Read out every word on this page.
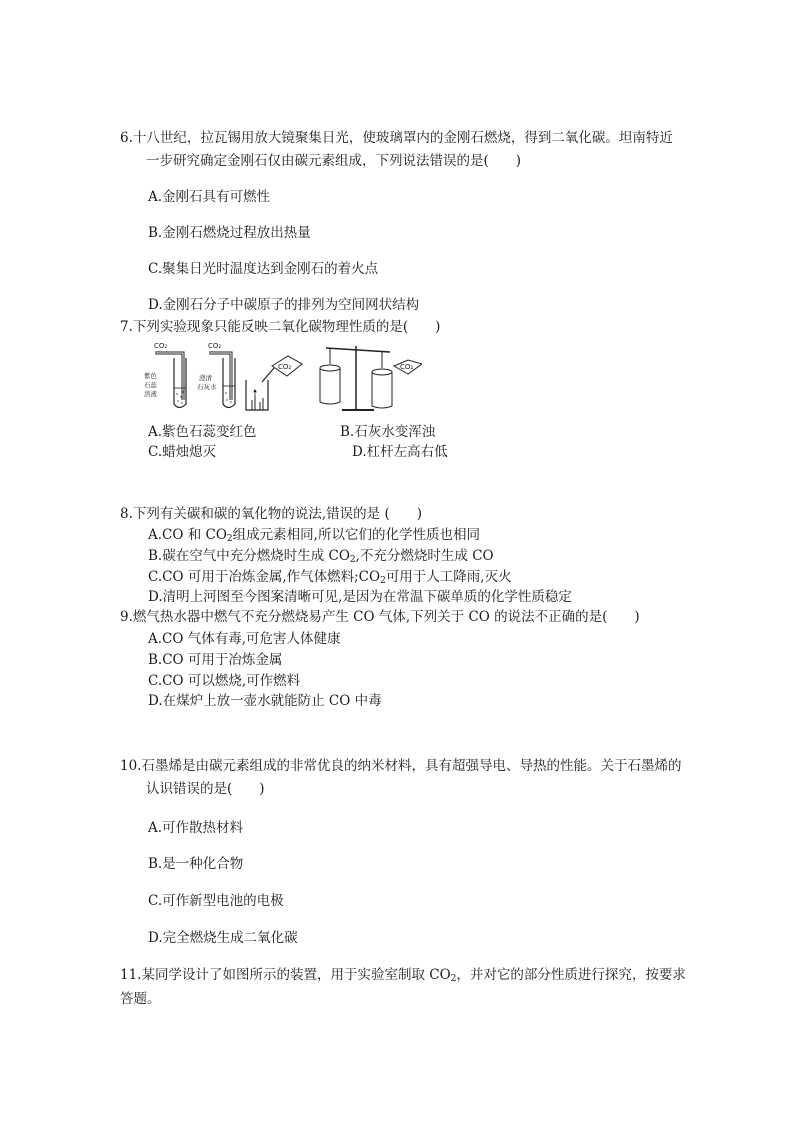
6.十八世纪，拉瓦锡用放大镜聚集日光，使玻璃罩内的金刚石燃烧，得到二氧化碳。坦南特近
一步研究确定金刚石仅由碳元素组成，下列说法错误的是(　　)
A.金刚石具有可燃性
B.金刚石燃烧过程放出热量
C.聚集日光时温度达到金刚石的着火点
D.金刚石分子中碳原子的排列为空间网状结构
7.下列实验现象只能反映二氧化碳物理性质的是(　　)
CO₂
紫色
石蕊
溶液
CO₂
澄清
石灰水
CO₂	CO₂
A.紫色石蕊变红色	B.石灰水变浑浊
C.蜡烛熄灭	D.杠杆左高右低
8.下列有关碳和碳的氧化物的说法,错误的是 (　　)
A.CO 和 $CO_2$组成元素相同,所以它们的化学性质也相同
B.碳在空气中充分燃烧时生成 $CO_2$,不充分燃烧时生成 CO
C.CO 可用于冶炼金属,作气体燃料$;CO_2$可用于人工降雨,灭火
D.清明上河图至今图案清晰可见,是因为在常温下碳单质的化学性质稳定
9.燃气热水器中燃气不充分燃烧易产生 CO 气体,下列关于 CO 的说法不正确的是(　　)
A.CO 气体有毒,可危害人体健康
B.CO 可用于冶炼金属
C.CO 可以燃烧,可作燃料
D.在煤炉上放一壶水就能防止 CO 中毒
10.石墨烯是由碳元素组成的非常优良的纳米材料，具有超强导电、导热的性能。关于石墨烯的
认识错误的是(　　)
A.可作散热材料
B.是一种化合物
C.可作新型电池的电极
D.完全燃烧生成二氧化碳
11.某同学设计了如图所示的装置，用于实验室制取 $CO_2$，并对它的部分性质进行探究，按要求
答题。
